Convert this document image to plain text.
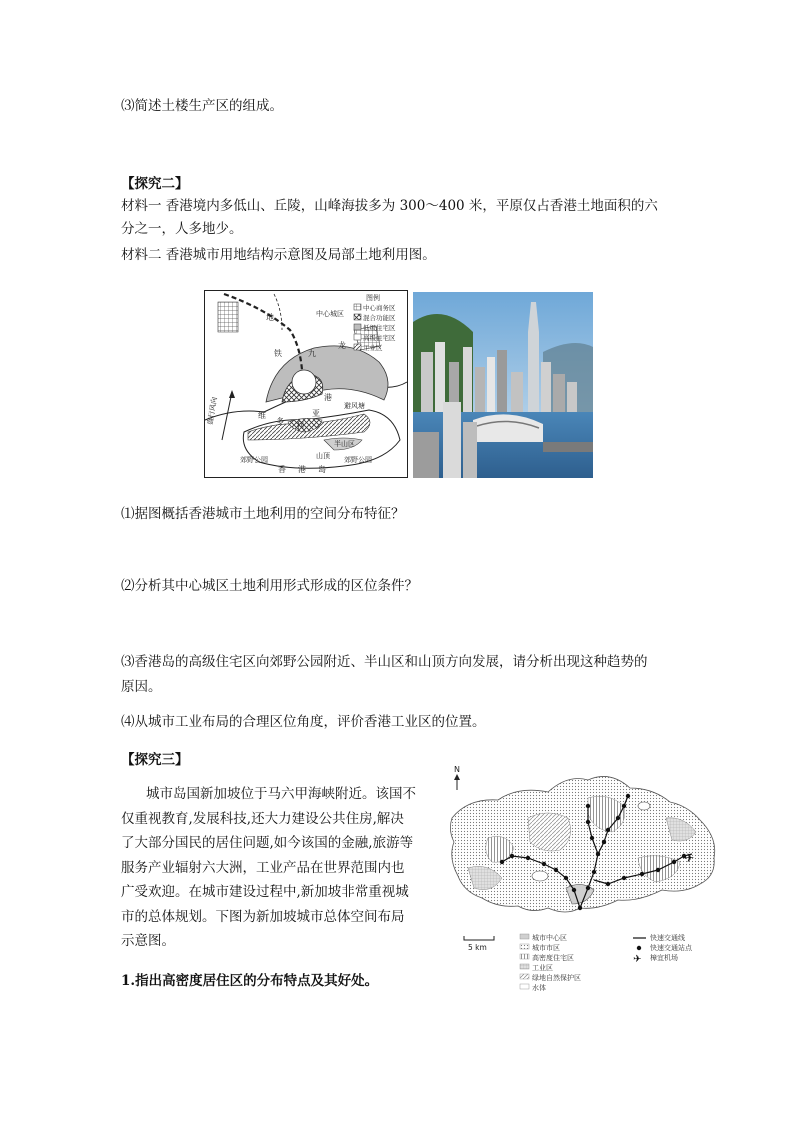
⑶简述土楼生产区的组成。
【探究二】
材料一 香港境内多低山、丘陵，山峰海拔多为 300～400 米，平原仅占香港土地面积的六
分之一，人多地少。
材料二 香港城市用地结构示意图及局部土地利用图。
盛行风向
地
铁	九
龙
中心城区
维
多 利
亚
港
避风塘
半山区
山顶
郊野公园	郊野公园
香 港 岛
图例
中心商务区
混合功能区
低级住宅区
高级住宅区
工业区
⑴据图概括香港城市土地利用的空间分布特征？
⑵分析其中心城区土地利用形式形成的区位条件？
⑶香港岛的高级住宅区向郊野公园附近、半山区和山顶方向发展，请分析出现这种趋势的
原因。
⑷从城市工业布局的合理区位角度，评价香港工业区的位置。
【探究三】
城市岛国新加坡位于马六甲海峡附近。该国不
仅重视教育,发展科技,还大力建设公共住房,解决
了大部分国民的居住问题,如今该国的金融,旅游等
服务产业辐射六大洲，工业产品在世界范围内也
广受欢迎。在城市建设过程中,新加坡非常重视城
市的总体规划。下图为新加坡城市总体空间布局
示意图。
1.指出高密度居住区的分布特点及其好处。
N
✈
5 km
城市中心区
城市市区
高密度住宅区
工业区
绿地自然保护区
水体
快速交通线
快速交通站点
✈ 樟宜机场
